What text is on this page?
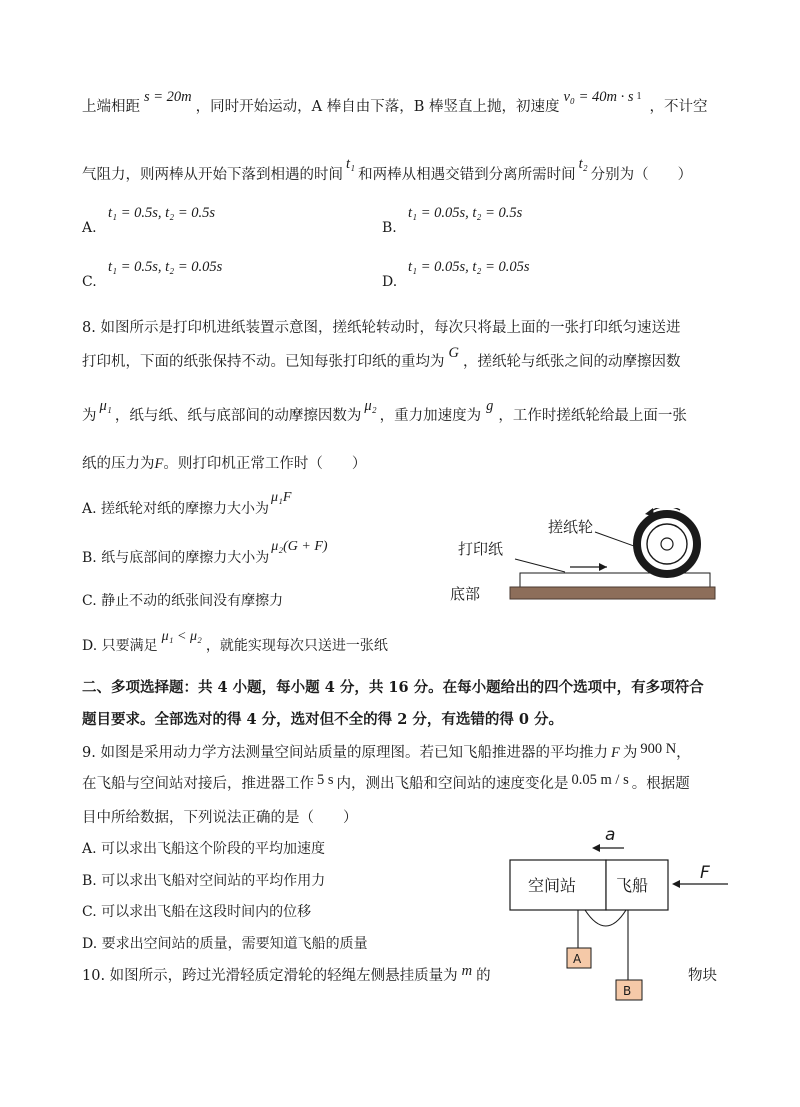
上端相距s = 20m，同时开始运动，A 棒自由下落，B 棒竖直上抛，初速度v₀ = 40m · s $^1$，不计空
气阻力，则两棒从开始下落到相遇的时间t₁和两棒从相遇交错到分离所需时间t₂分别为（　　）
t₁ = 0.5s, t₂ = 0.5s
A.
t₁ = 0.05s, t₂ = 0.5s
B.
t₁ = 0.5s, t₂ = 0.05s
C.
t₁ = 0.05s, t₂ = 0.05s
D.
8. 如图所示是打印机进纸装置示意图，搓纸轮转动时，每次只将最上面的一张打印纸匀速送进
打印机，下面的纸张保持不动。已知每张打印纸的重均为G，搓纸轮与纸张之间的动摩擦因数
为μ₁，纸与纸、纸与底部间的动摩擦因数为μ₂，重力加速度为g，工作时搓纸轮给最上面一张
纸的压力为F。则打印机正常工作时（　　）
A. 搓纸轮对纸的摩擦力大小为μ₁F
B. 纸与底部间的摩擦力大小为μ₂(G + F)
C. 静止不动的纸张间没有摩擦力
D. 只要满足μ₁ < μ₂，就能实现每次只送进一张纸
搓纸轮
打印纸
底部
二、多项选择题：共 4 小题，每小题 4 分，共 16 分。在每小题给出的四个选项中，有多项符合
题目要求。全部选对的得 4 分，选对但不全的得 2 分，有选错的得 0 分。
9. 如图是采用动力学方法测量空间站质量的原理图。若已知飞船推进器的平均推力 F 为 900 N，
在飞船与空间站对接后，推进器工作 5 s 内，测出飞船和空间站的速度变化是 0.05 m / s 。根据题
目中所给数据，下列说法正确的是（　　）
A. 可以求出飞船这个阶段的平均加速度
B. 可以求出飞船对空间站的平均作用力
C. 可以求出飞船在这段时间内的位移
D. 要求出空间站的质量，需要知道飞船的质量
a
空间站 飞船
F
A
B
10. 如图所示，跨过光滑轻质定滑轮的轻绳左侧悬挂质量为 m 的	物块
